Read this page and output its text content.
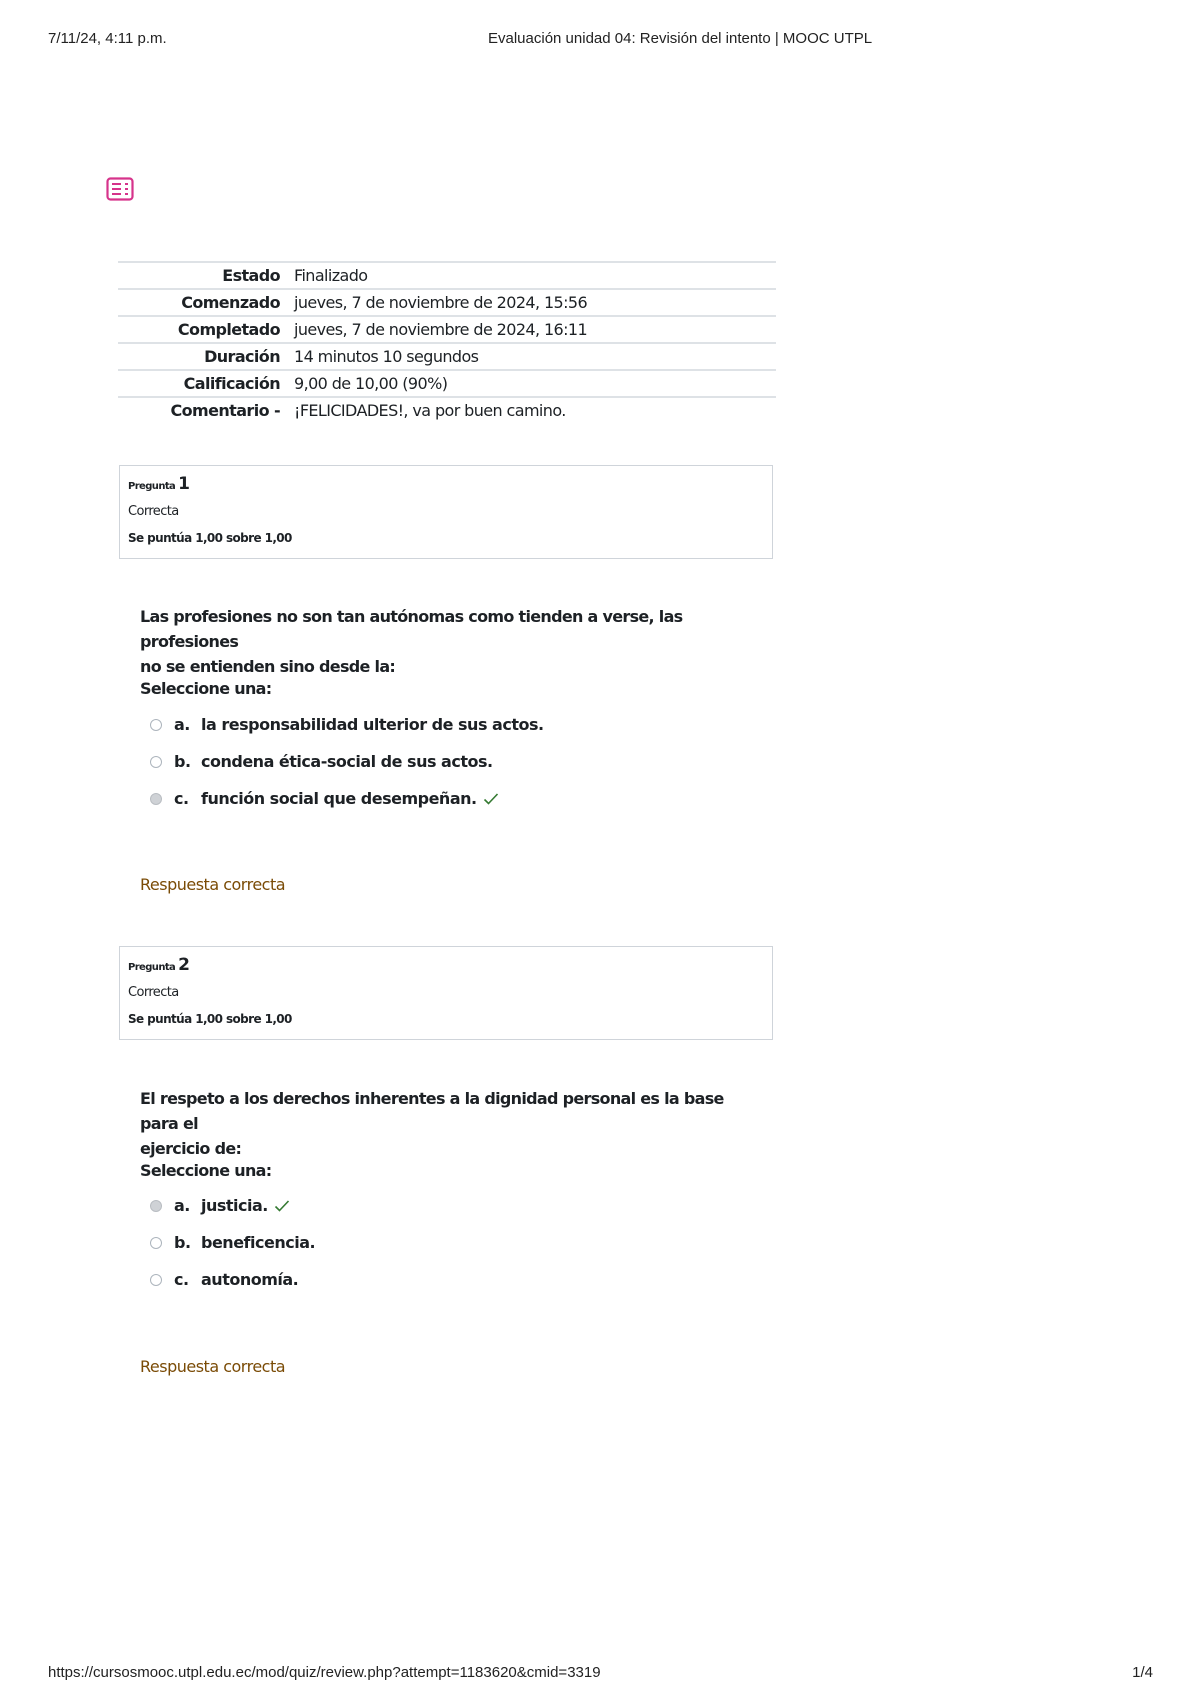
7/11/24, 4:11 p.m.	Evaluación unidad 04: Revisión del intento | MOOC UTPL
Estado	Finalizado
Comenzado	jueves, 7 de noviembre de 2024, 15:56
Completado	jueves, 7 de noviembre de 2024, 16:11
Duración	14 minutos 10 segundos
Calificación	9,00 de 10,00 (90%)
Comentario -	¡FELICIDADES!, va por buen camino.
Pregunta 1
Correcta
Se puntúa 1,00 sobre 1,00
Las profesiones no son tan autónomas como tienden a verse, las profesiones
no se entienden sino desde la:
Seleccione una:
a. la responsabilidad ulterior de sus actos.
b. condena ética-social de sus actos.
c. función social que desempeñan.
Respuesta correcta
Pregunta 2
Correcta
Se puntúa 1,00 sobre 1,00
El respeto a los derechos inherentes a la dignidad personal es la base para el
ejercicio de:
Seleccione una:
a. justicia.
b. beneficencia.
c. autonomía.
Respuesta correcta
https://cursosmooc.utpl.edu.ec/mod/quiz/review.php?attempt=1183620&cmid=3319	1/4
